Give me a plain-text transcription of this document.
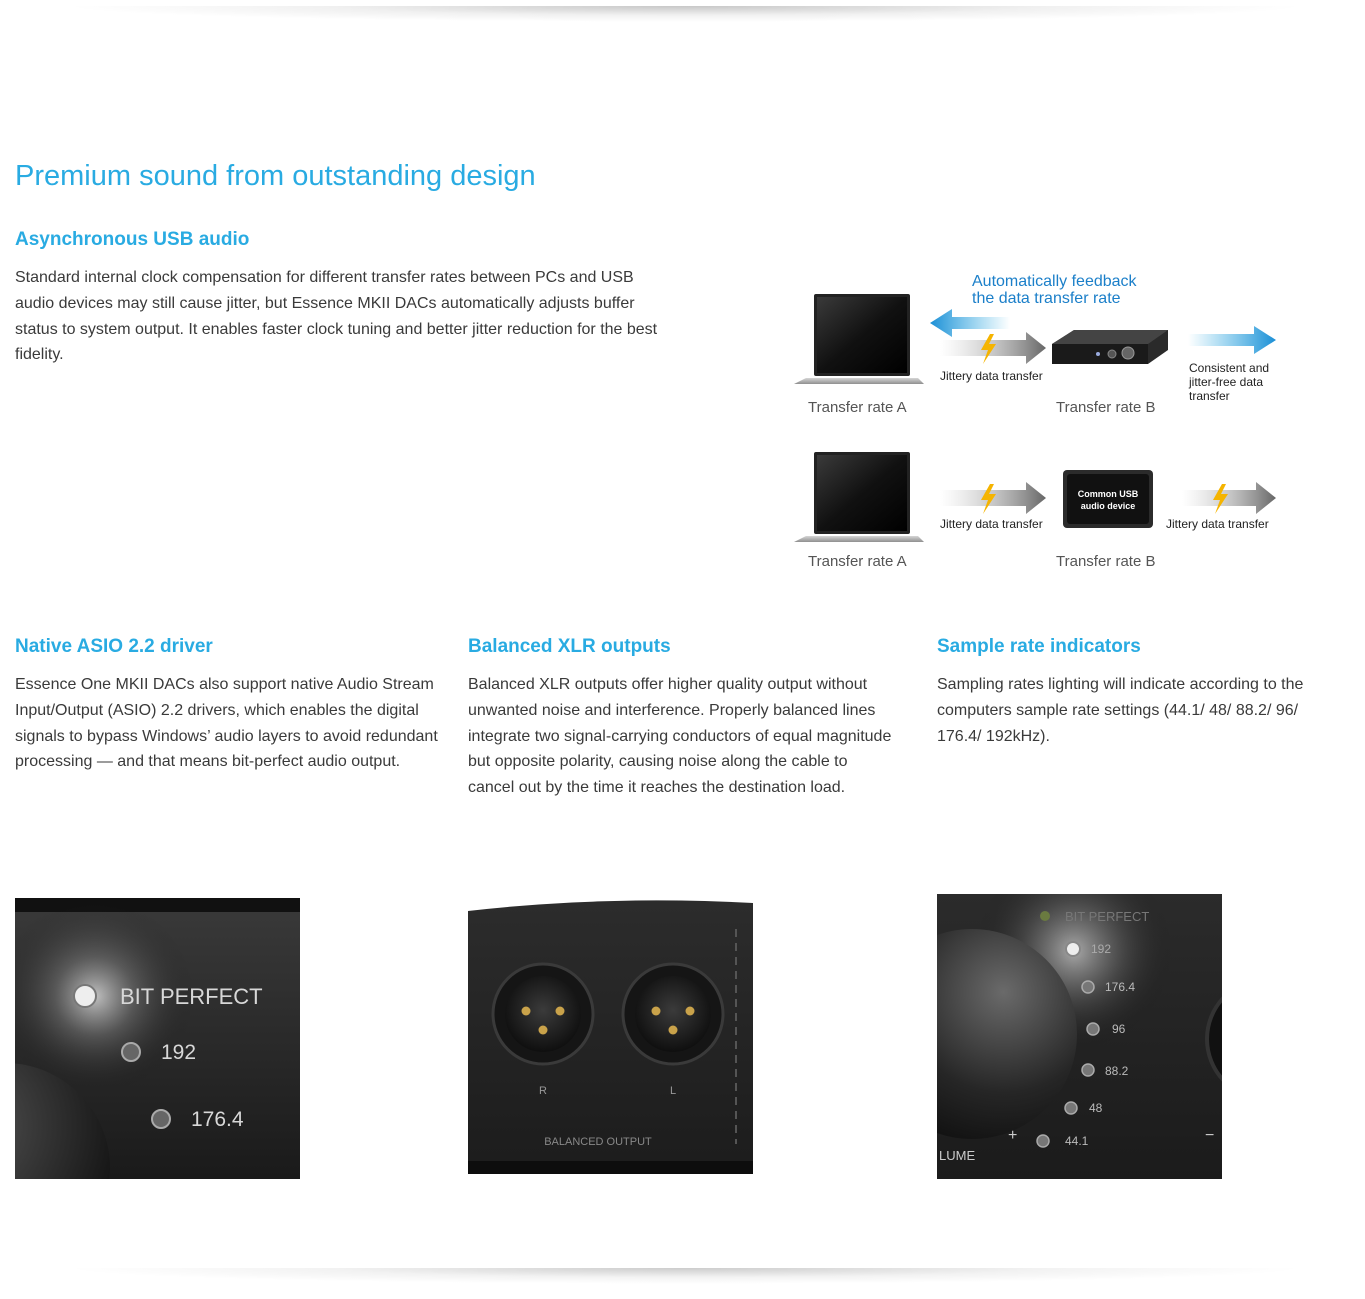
Premium sound from outstanding design
Asynchronous USB audio

Standard internal clock compensation for different transfer rates between PCs and USB audio devices may still cause jitter, but Essence MKII DACs automatically adjusts buffer status to system output. It enables faster clock tuning and better jitter reduction for the best fidelity.

Automatically feedback
the data transfer rate
Transfer rate A
Jittery data transfer
Transfer rate B
Consistent and
jitter-free data
transfer
Transfer rate A
Jittery data transfer
Common USB
audio device
Transfer rate B
Jittery data transfer
Native ASIO 2.2 driver

Essence One MKII DACs also support native Audio Stream Input/Output (ASIO) 2.2 drivers, which enables the digital signals to bypass Windows’ audio layers to avoid redundant processing — and that means bit-perfect audio output.

Balanced XLR outputs

Balanced XLR outputs offer higher quality output without unwanted noise and interference. Properly balanced lines integrate two signal-carrying conductors of equal magnitude but opposite polarity, causing noise along the cable to cancel out by the time it reaches the destination load.

Sample rate indicators

Sampling rates lighting will indicate according to the computers sample rate settings (44.1/ 48/ 88.2/ 96/ 176.4/ 192kHz).

BIT PERFECT
192
176.4
R	L
BALANCED OUTPUT
BIT PERFECT
192
176.4
96
88.2
48
44.1
+	−
LUME
